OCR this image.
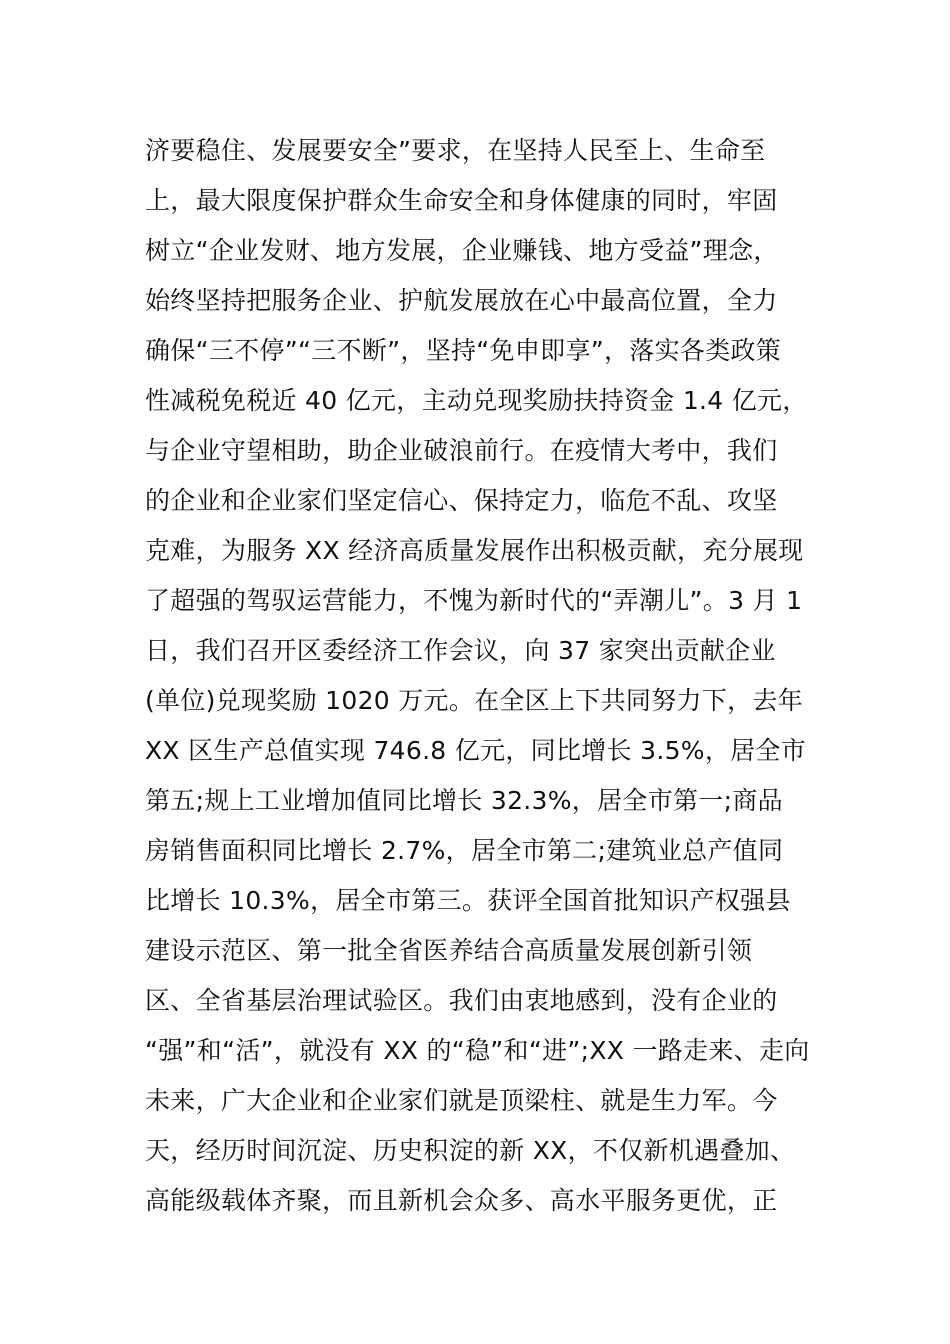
济要稳住、发展要安全”要求，在坚持人民至上、生命至
上，最大限度保护群众生命安全和身体健康的同时，牢固
树立“企业发财、地方发展，企业赚钱、地方受益”理念，
始终坚持把服务企业、护航发展放在心中最高位置，全力
确保“三不停”“三不断”，坚持“免申即享”，落实各类政策
性减税免税近 40 亿元，主动兑现奖励扶持资金 1.4 亿元，
与企业守望相助，助企业破浪前行。在疫情大考中，我们
的企业和企业家们坚定信心、保持定力，临危不乱、攻坚
克难，为服务 XX 经济高质量发展作出积极贡献，充分展现
了超强的驾驭运营能力，不愧为新时代的“弄潮儿”。3 月 1
日，我们召开区委经济工作会议，向 37 家突出贡献企业
(单位)兑现奖励 1020 万元。在全区上下共同努力下，去年
XX 区生产总值实现 746.8 亿元，同比增长 3.5%，居全市
第五;规上工业增加值同比增长 32.3%，居全市第一;商品
房销售面积同比增长 2.7%，居全市第二;建筑业总产值同
比增长 10.3%，居全市第三。获评全国首批知识产权强县
建设示范区、第一批全省医养结合高质量发展创新引领
区、全省基层治理试验区。我们由衷地感到，没有企业的
“强”和“活”，就没有 XX 的“稳”和“进”;XX 一路走来、走向
未来，广大企业和企业家们就是顶梁柱、就是生力军。今
天，经历时间沉淀、历史积淀的新 XX，不仅新机遇叠加、
高能级载体齐聚，而且新机会众多、高水平服务更优，正
